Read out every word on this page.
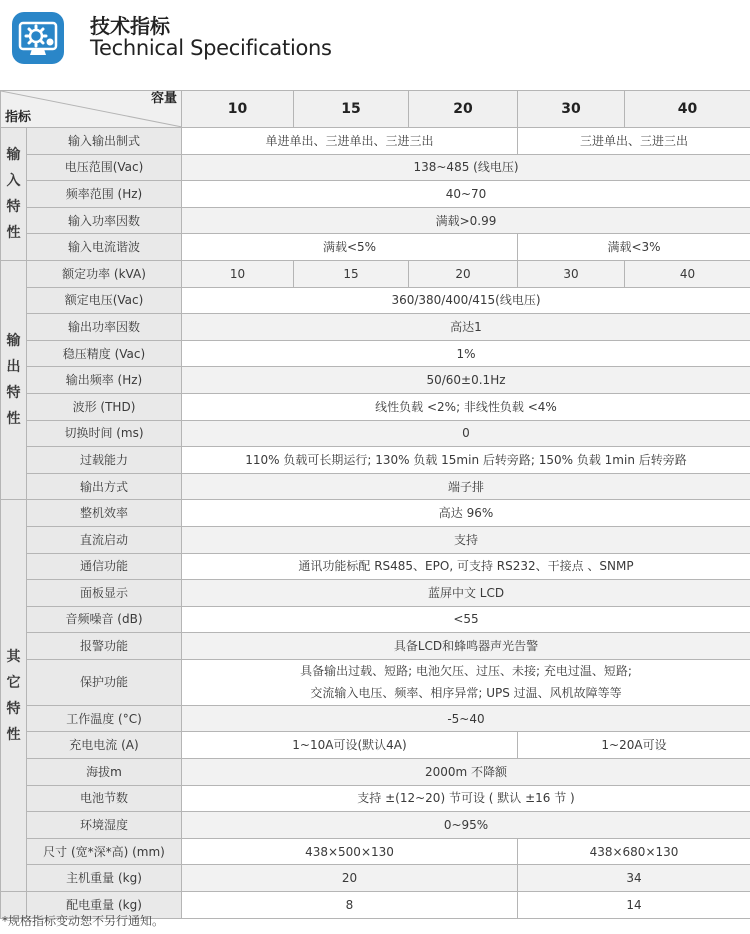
技术指标
Technical Specifications
容量
指标		10	15	20	30	40
输入特性	输入输出制式	单进单出、三进单出、三进三出			三进单出、三进三出	
	电压范围(Vac)	138~485 (线电压)				
	频率范围 (Hz)	40~70				
	输入功率因数	满载>0.99				
	输入电流谐波	满载<5%			满载<3%	
输出特性	额定功率 (kVA)	10	15	20	30	40
	额定电压(Vac)	360/380/400/415(线电压)				
	输出功率因数	高达1				
	稳压精度 (Vac)	1%				
	输出频率 (Hz)	50/60±0.1Hz				
	波形 (THD)	线性负载 <2%; 非线性负载 <4%				
	切换时间 (ms)	0				
	过载能力	110% 负载可长期运行; 130% 负载 15min 后转旁路; 150% 负载 1min 后转旁路				
	输出方式	端子排				
其它特性	整机效率	高达 96%				
	直流启动	支持				
	通信功能	通讯功能标配 RS485、EPO, 可支持 RS232、干接点 、SNMP				
	面板显示	蓝屏中文 LCD				
	音频噪音 (dB)	<55				
	报警功能	具备LCD和蜂鸣器声光告警				
	保护功能	具备输出过载、短路; 电池欠压、过压、未接; 充电过温、短路;
交流输入电压、频率、相序异常; UPS 过温、风机故障等等				

	工作温度 (°C)	-5~40				
	充电电流 (A)	1~10A可设(默认4A)			1~20A可设	
	海拔m	2000m 不降额				
	电池节数	支持 ±(12~20) 节可设 ( 默认 ±16 节 )				
	环境湿度	0~95%				
	尺寸 (宽*深*高) (mm)	438×500×130			438×680×130	
	主机重量 (kg)	20			34	
	配电重量 (kg)	8			14	
*规格指标变动恕不另行通知。
